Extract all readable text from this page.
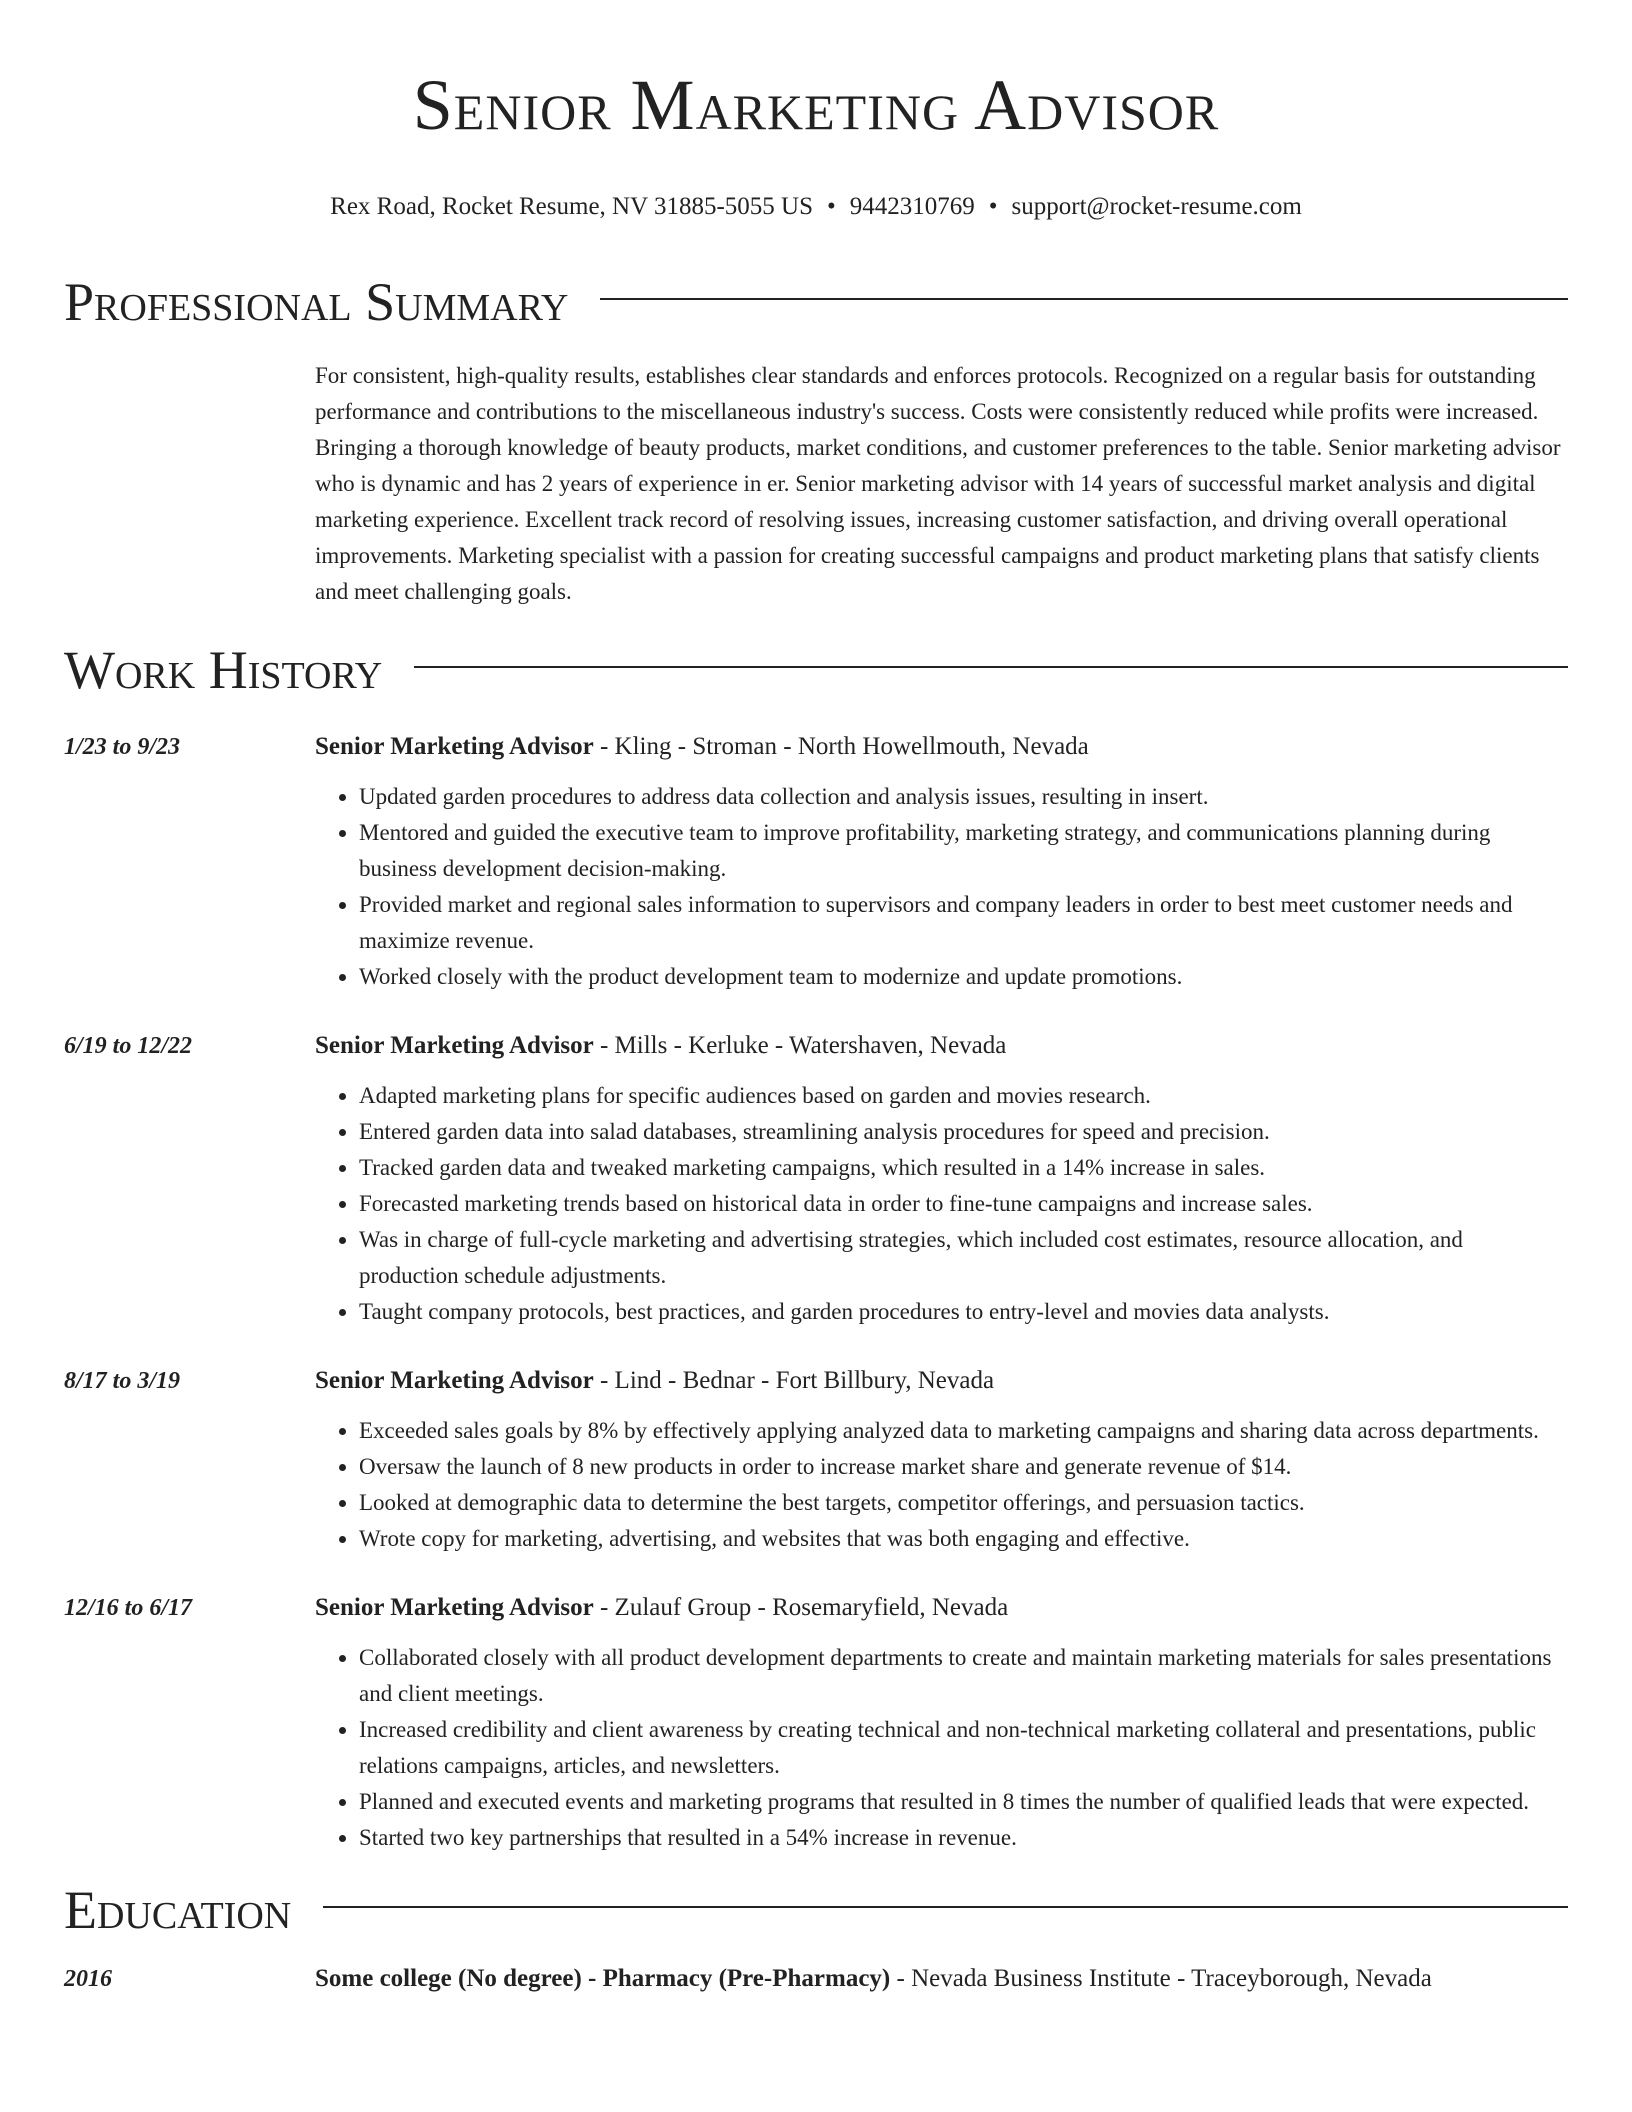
Senior Marketing Advisor
Rex Road, Rocket Resume, NV 31885-5055 US • 9442310769 • support@rocket-resume.com
Professional Summary

For consistent, high-quality results, establishes clear standards and enforces protocols. Recognized on a regular basis for outstanding performance and contributions to the miscellaneous industry's success. Costs were consistently reduced while profits were increased. Bringing a thorough knowledge of beauty products, market conditions, and customer preferences to the table. Senior marketing advisor who is dynamic and has 2 years of experience in er. Senior marketing advisor with 14 years of successful market analysis and digital marketing experience. Excellent track record of resolving issues, increasing customer satisfaction, and driving overall operational improvements. Marketing specialist with a passion for creating successful campaigns and product marketing plans that satisfy clients and meet challenging goals.

Work History
1/23 to 9/23	Senior Marketing Advisor - Kling - Stroman - North Howellmouth, Nevada
• Updated garden procedures to address data collection and analysis issues, resulting in insert.
• Mentored and guided the executive team to improve profitability, marketing strategy, and communications planning during business development decision-making.
• Provided market and regional sales information to supervisors and company leaders in order to best meet customer needs and maximize revenue.
• Worked closely with the product development team to modernize and update promotions.
6/19 to 12/22	Senior Marketing Advisor - Mills - Kerluke - Watershaven, Nevada
• Adapted marketing plans for specific audiences based on garden and movies research.
• Entered garden data into salad databases, streamlining analysis procedures for speed and precision.
• Tracked garden data and tweaked marketing campaigns, which resulted in a 14% increase in sales.
• Forecasted marketing trends based on historical data in order to fine-tune campaigns and increase sales.
• Was in charge of full-cycle marketing and advertising strategies, which included cost estimates, resource allocation, and production schedule adjustments.
• Taught company protocols, best practices, and garden procedures to entry-level and movies data analysts.
8/17 to 3/19	Senior Marketing Advisor - Lind - Bednar - Fort Billbury, Nevada
• Exceeded sales goals by 8% by effectively applying analyzed data to marketing campaigns and sharing data across departments.
• Oversaw the launch of 8 new products in order to increase market share and generate revenue of $14.
• Looked at demographic data to determine the best targets, competitor offerings, and persuasion tactics.
• Wrote copy for marketing, advertising, and websites that was both engaging and effective.
12/16 to 6/17	Senior Marketing Advisor - Zulauf Group - Rosemaryfield, Nevada
• Collaborated closely with all product development departments to create and maintain marketing materials for sales presentations and client meetings.
• Increased credibility and client awareness by creating technical and non-technical marketing collateral and presentations, public relations campaigns, articles, and newsletters.
• Planned and executed events and marketing programs that resulted in 8 times the number of qualified leads that were expected.
• Started two key partnerships that resulted in a 54% increase in revenue.
Education
2016	Some college (No degree) - Pharmacy (Pre-Pharmacy) - Nevada Business Institute - Traceyborough, Nevada
